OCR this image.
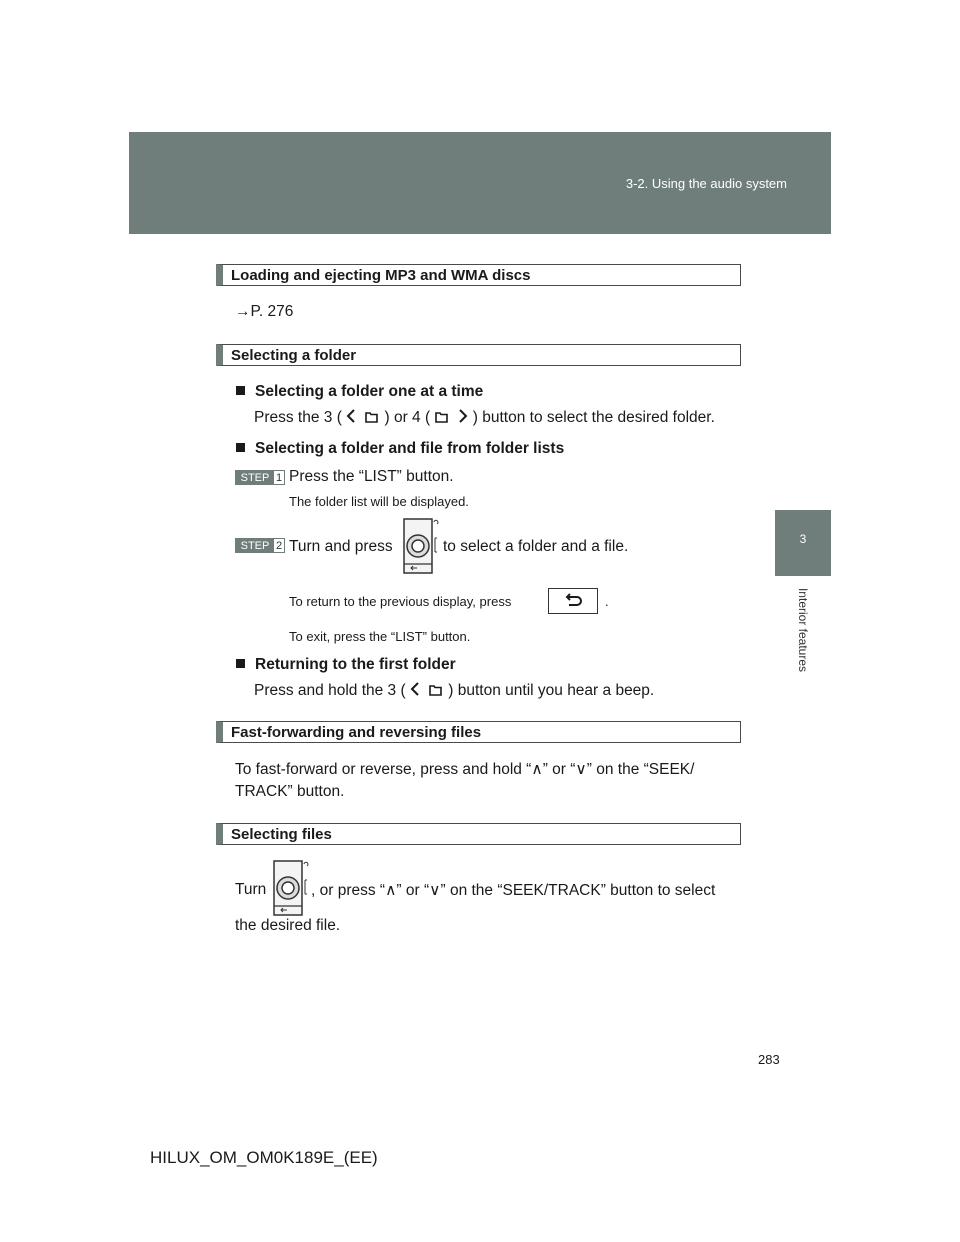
3-2. Using the audio system
3
Interior features
Loading and ejecting MP3 and WMA discs
→P. 276
Selecting a folder
Selecting a folder one at a time
Press the 3 (	) or 4 (	) button to select the desired folder.
Selecting a folder and file from folder lists
STEP 1 Press the “LIST” button.
The folder list will be displayed.
STEP 2 Turn and press	to select a folder and a file.
To return to the previous display, press	.
To exit, press the “LIST” button.
Returning to the first folder
Press and hold the 3 (	) button until you hear a beep.
Fast-forwarding and reversing files
To fast-forward or reverse, press and hold “∧” or “∨” on the “SEEK/
TRACK” button.
Selecting files
Turn	, or press “∧” or “∨” on the “SEEK/TRACK” button to select
the desired file.
283
HILUX_OM_OM0K189E_(EE)
